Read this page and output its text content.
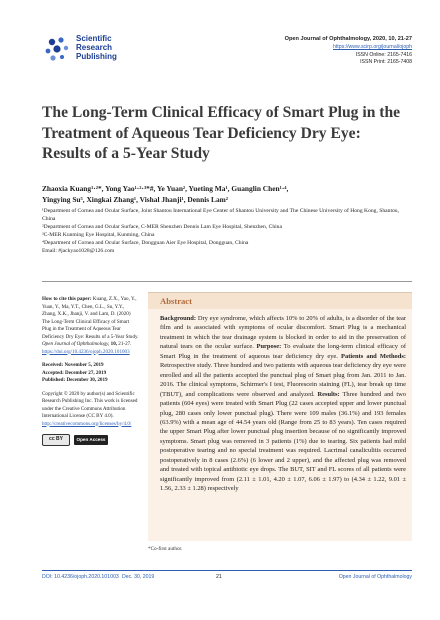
Scientific
Research
Publishing
Open Journal of Ophthalmology, 2020, 10, 21-27
https://www.scirp.org/journal/ojoph
ISSN Online: 2165-7416
ISSN Print: 2165-7408
The Long-Term Clinical Efficacy of Smart Plug in the Treatment of Aqueous Tear Deficiency Dry Eye: Results of a 5-Year Study
Zhaoxia Kuang¹·²*, Yong Yao¹·²·³*#, Ye Yuan², Yueting Ma¹, Guanglin Chen¹·⁴,
Yingying Su⁵, Xingkai Zhang¹, Vishal Jhanji¹, Dennis Lam²
¹Department of Cornea and Ocular Surface, Joint Shantou International Eye Center of Shantou University and The Chinese University of Hong Kong, Shantou, China
²Department of Cornea and Ocular Surface, C-MER Shenzhen Dennis Lam Eye Hospital, Shenzhen, China
³C-MER Kunming Eye Hospital, Kunming, China
⁴Department of Cornea and Ocular Surface, Dongguan Aier Eye Hospital, Dongguan, China
Email: #jackyao1028@126.com

How to cite this paper: Kuang, Z.X., Yao, Y., Yuan, Y., Ma, Y.T., Chen, G.L., Su, Y.Y., Zhang, X.K., Jhanji, V. and Lam, D. (2020) The Long-Term Clinical Efficacy of Smart Plug in the Treatment of Aqueous Tear Deficiency Dry Eye: Results of a 5-Year Study. Open Journal of Ophthalmology, 10, 21-27.
https://doi.org/10.4236/ojoph.2020.101003

Received: November 5, 2019
Accepted: December 27, 2019
Published: December 30, 2019

Copyright © 2020 by author(s) and Scientific Research Publishing Inc. This work is licensed under the Creative Commons Attribution International License (CC BY 4.0).
http://creativecommons.org/licenses/by/4.0/

cc BY	Open Access
Abstract
Background: Dry eye syndrome, which affects 10% to 20% of adults, is a disorder of the tear film and is associated with symptoms of ocular discomfort. Smart Plug is a mechanical treatment in which the tear drainage system is blocked in order to aid in the preservation of natural tears on the ocular surface. Purpose: To evaluate the long-term clinical efficacy of Smart Plug in the treatment of aqueous tear deficiency dry eye. Patients and Methods: Retrospective study. Three hundred and two patients with aqueous tear deficiency dry eye were enrolled and all the patients accepted the punctual plug of Smart plug from Jan. 2011 to Jan. 2016. The clinical symptoms, Schirmer's I test, Fluorescein staining (FL), tear break up time (TBUT), and complications were observed and analyzed. Results: Three hundred and two patients (604 eyes) were treated with Smart Plug (22 cases accepted upper and lower punctual plug, 280 cases only lower punctual plug). There were 109 males (36.1%) and 193 females (63.9%) with a mean age of 44.54 years old (Range from 25 to 83 years). Ten cases required the upper Smart Plug after lower punctual plug insertion because of no significantly improved symptoms. Smart plug was removed in 3 patients (1%) due to tearing. Six patients had mild postoperative tearing and no special treatment was required. Lacrimal canaliculitis occurred postoperatively in 8 cases (2.6%) (6 lower and 2 upper), and the affected plug was removed and treated with topical antibiotic eye drops. The BUT, SIT and FL scores of all patients were significantly improved from (2.11 ± 1.01, 4.20 ± 1.07, 6.06 ± 1.97) to (4.34 ± 1.22, 9.01 ± 1.56, 2.33 ± 1.28) respectively
*Co-first author.
DOI: 10.4236/ojoph.2020.101003 Dec. 30, 2019	21	Open Journal of Ophthalmology
